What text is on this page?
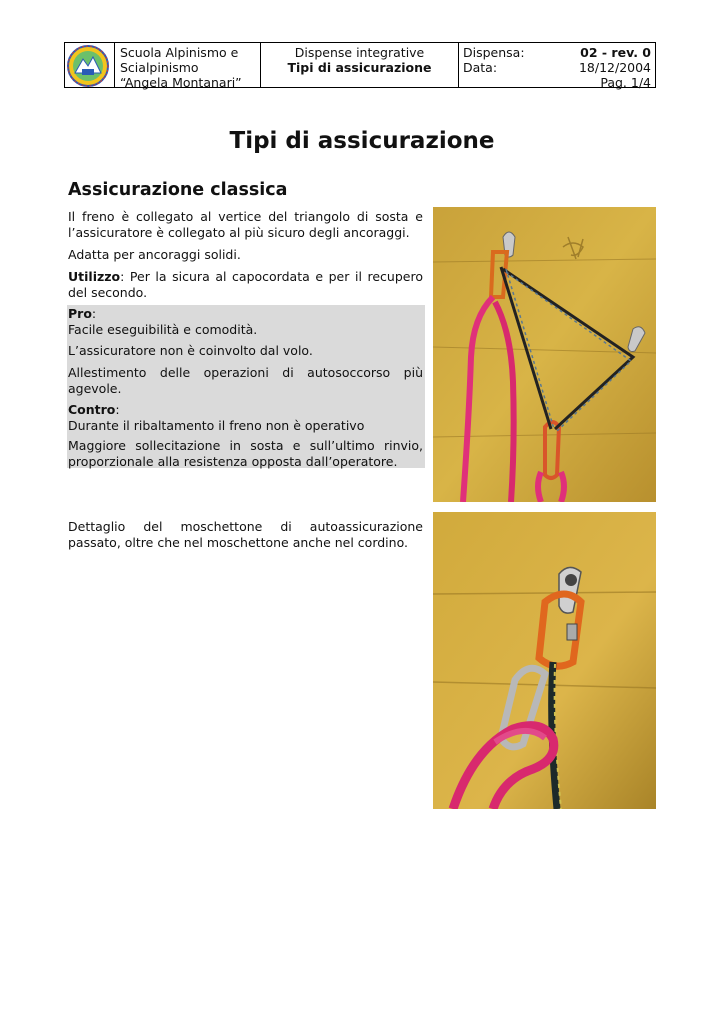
Scuola Alpinismo e
Scialpinismo
“Angela Montanari”
Dispense integrative
Tipi di assicurazione
Dispensa:	02 - rev. 0
Data:	18/12/2004
Pag. 1/4
Tipi di assicurazione
Assicurazione classica

Il freno è collegato al vertice del triangolo di sosta e l’assicuratore è collegato al più sicuro degli ancoraggi.

Adatta per ancoraggi solidi.

Utilizzo: Per la sicura al capocordata e per il recupero del secondo.

Pro:

Facile eseguibilità e comodità.

L’assicuratore non è coinvolto dal volo.

Allestimento delle operazioni di autosoccorso più agevole.

Contro:

Durante il ribaltamento il freno non è operativo

Maggiore sollecitazione in sosta e sull’ultimo rinvio, proporzionale alla resistenza opposta dall’operatore.

Dettaglio del moschettone di autoassicurazione passato, oltre che nel moschettone anche nel cordino.
